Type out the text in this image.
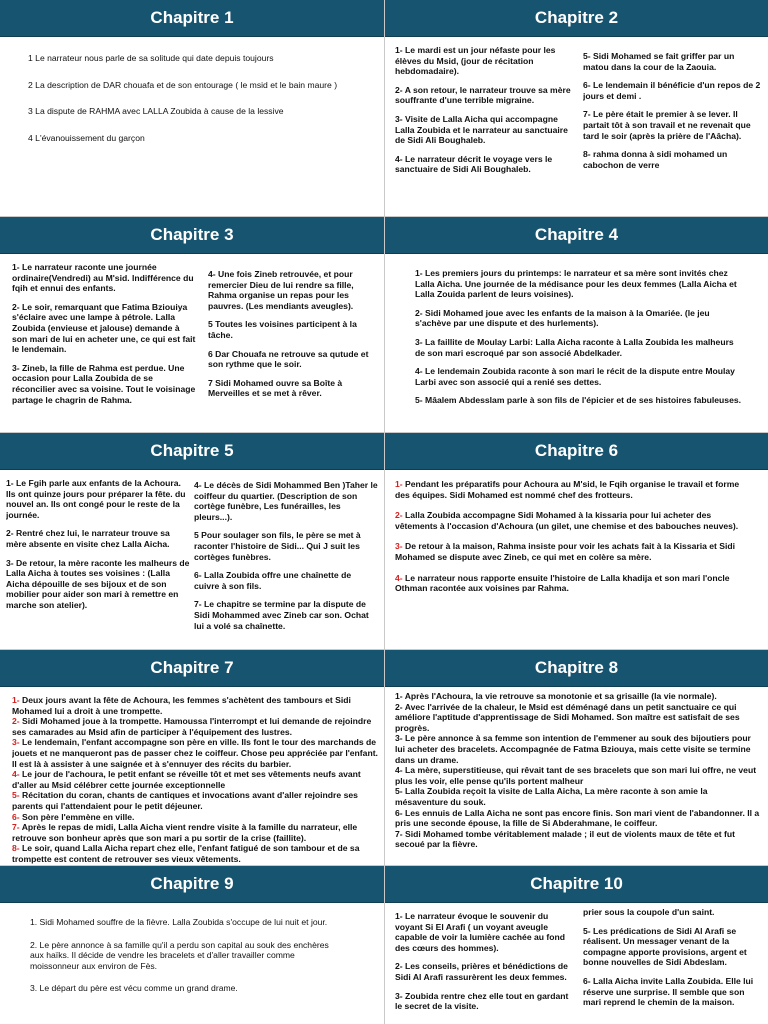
Chapitre 1
1 Le narrateur nous parle de sa solitude qui date depuis toujours
2 La description de DAR chouafa et de son entourage ( le msid et le bain maure )
3 La dispute de RAHMA avec LALLA Zoubida à cause de la lessive
4 L'évanouissement du garçon
Chapitre 2
1- Le mardi est un jour néfaste pour les élèves du Msid, (jour de récitation hebdomadaire).
2- A son retour, le narrateur trouve sa mère souffrante d'une terrible migraine.
3- Visite de Lalla Aicha qui accompagne Lalla Zoubida et le narrateur au sanctuaire de Sidi Ali Boughaleb.
4- Le narrateur décrit le voyage vers le sanctuaire de Sidi Ali Boughaleb.
5- Sidi Mohamed se fait griffer par un matou dans la cour de la Zaouia.
6- Le lendemain il bénéficie d'un repos de 2 jours et demi .
7- Le père était le premier à se lever. Il partait tôt à son travail et ne revenait que tard le soir (après la prière de l'Aâcha).
8- rahma donna à sidi mohamed un cabochon de verre
Chapitre 3
1- Le narrateur raconte une journée ordinaire(Vendredi) au M'sid. Indifférence du fqih et ennui des enfants.
2- Le soir, remarquant que Fatima Bziouiya s'éclaire avec une lampe à pétrole. Lalla Zoubida (envieuse et jalouse) demande à son mari de lui en acheter une, ce qui est fait le lendemain.
3- Zineb, la fille de Rahma est perdue. Une occasion pour Lalla Zoubida de se réconcilier avec sa voisine. Tout le voisinage partage le chagrin de Rahma.
4- Une fois Zineb retrouvée, et pour remercier Dieu de lui rendre sa fille, Rahma organise un repas pour les pauvres. (Les mendiants aveugles).
5 Toutes les voisines participent à la tâche.
6 Dar Chouafa ne retrouve sa qutude et son rythme que le soir.
7 Sidi Mohamed ouvre sa Boîte à Merveilles et se met à rêver.
Chapitre 4
1- Les premiers jours du printemps: le narrateur et sa mère sont invités chez Lalla Aicha. Une journée de la médisance pour les deux femmes (Lalla Aicha et Lalla Zouida parlent de leurs voisines).
2- Sidi Mohamed joue avec les enfants de la maison à la Omariée. (le jeu s'achève par une dispute et des hurlements).
3- La faillite de Moulay Larbi: Lalla Aicha raconte à Lalla Zoubida les malheurs de son mari escroqué par son associé Abdelkader.
4- Le lendemain Zoubida raconte à son mari le récit de la dispute entre Moulay Larbi avec son associé qui a renié ses dettes.
5- Mâalem Abdesslam parle à son fils de l'épicier et de ses histoires fabuleuses.
Chapitre 5
1- Le Fgih parle aux enfants de la Achoura. Ils ont quinze jours pour préparer la fête. du nouvel an. Ils ont congé pour le reste de la journée.
2- Rentré chez lui, le narrateur trouve sa mère absente en visite chez Lalla Aicha.
3- De retour, la mère raconte les malheurs de Lalla Aicha à toutes ses voisines : (Lalla Aicha dépouille de ses bijoux et de son mobilier pour aider son mari à remettre en marche son atelier).
4- Le décès de Sidi Mohammed Ben )Taher le coiffeur du quartier. (Description de son cortège funèbre, Les funérailles, les pleurs...).
5 Pour soulager son fils, le père se met à raconter l'histoire de Sidi... Qui J suit les cortèges funèbres.
6- Lalla Zoubida offre une chaînette de cuivre à son fils.
7- Le chapitre se termine par la dispute de Sidi Mohammed avec Zineb car son. Ochat lui a volé sa chaînette.
Chapitre 6
1- Pendant les préparatifs pour Achoura au M'sid, le Fqih organise le travail et forme des équipes. Sidi Mohamed est nommé chef des frotteurs.
2- Lalla Zoubida accompagne Sidi Mohamed à la kissaria pour lui acheter des vêtements à l'occasion d'Achoura (un gilet, une chemise et des babouches neuves).
3- De retour à la maison, Rahma insiste pour voir les achats fait à la Kissaria et Sidi Mohamed se dispute avec Zineb, ce qui met en colère sa mère.
4- Le narrateur nous rapporte ensuite l'histoire de Lalla khadija et son mari l'oncle Othman racontée aux voisines par Rahma.
Chapitre 7
1- Deux jours avant la fête de Achoura, les femmes s'achètent des tambours et Sidi Mohamed lui a droit à une trompette.
2- Sidi Mohamed joue à la trompette. Hamoussa l'interrompt et lui demande de rejoindre ses camarades au Msid afin de participer à l'équipement des lustres.
3- Le lendemain, l'enfant accompagne son père en ville. Ils font le tour des marchands de jouets et ne manqueront pas de passer chez le coiffeur. Chose peu appréciée par l'enfant. Il est là à assister à une saignée et à s'ennuyer des récits du barbier.
4- Le jour de l'achoura, le petit enfant se réveille tôt et met ses vêtements neufs avant d'aller au Msid célébrer cette journée exceptionnelle
5- Récitation du coran, chants de cantiques et invocations avant d'aller rejoindre ses parents qui l'attendaient pour le petit déjeuner.
6- Son père l'emmène en ville.
7- Après le repas de midi, Lalla Aicha vient rendre visite à la famille du narrateur, elle retrouve son bonheur après que son mari a pu sortir de la crise (faillite).
8- Le soir, quand Lalla Aicha repart chez elle, l'enfant fatigué de son tambour et de sa trompette est content de retrouver ses vieux vêtements.
Chapitre 8
1- Après l'Achoura, la vie retrouve sa monotonie et sa grisaille (la vie normale).
2- Avec l'arrivée de la chaleur, le Msid est déménagé dans un petit sanctuaire ce qui améliore l'aptitude d'apprentissage de Sidi Mohamed. Son maître est satisfait de ses progrès.
3- Le père annonce à sa femme son intention de l'emmener au souk des bijoutiers pour lui acheter des bracelets. Accompagnée de Fatma Bziouya, mais cette visite se termine dans un drame.
4- La mère, superstitieuse, qui rêvait tant de ses bracelets que son mari lui offre, ne veut plus les voir, elle pense qu'ils portent malheur
5- Lalla Zoubida reçoit la visite de Lalla Aicha, La mère raconte à son amie la mésaventure du souk.
6- Les ennuis de Lalla Aicha ne sont pas encore finis. Son mari vient de l'abandonner. Il a pris une seconde épouse, la fille de Si Abderahmane, le coiffeur.
7- Sidi Mohamed tombe véritablement malade ; il eut de violents maux de tête et fut secoué par la fièvre.
Chapitre 9
1. Sidi Mohamed souffre de la fièvre. Lalla Zoubida s'occupe de lui nuit et jour.
2. Le père annonce à sa famille qu'il a perdu son capital au souk des enchères aux haïks. Il décide de vendre les bracelets et d'aller travailler comme moissonneur aux environ de Fès.
3. Le départ du père est vécu comme un grand drame.
Chapitre 10
1- Le narrateur évoque le souvenir du voyant Si El Arafi ( un voyant aveugle capable de voir la lumière cachée au fond des cœurs des hommes).
2- Les conseils, prières et bénédictions de Sidi Al Arafi rassurèrent les deux femmes.
3- Zoubida rentre chez elle tout en gardant le secret de la visite.
prier sous la coupole d'un saint.
5- Les prédications de Sidi Al Arafi se réalisent. Un messager venant de la compagne apporte provisions, argent et bonne nouvelles de Sidi Abdeslam.
6- Lalla Aicha invite Lalla Zoubida. Elle lui réserve une surprise. Il semble que son mari reprend le chemin de la maison.
